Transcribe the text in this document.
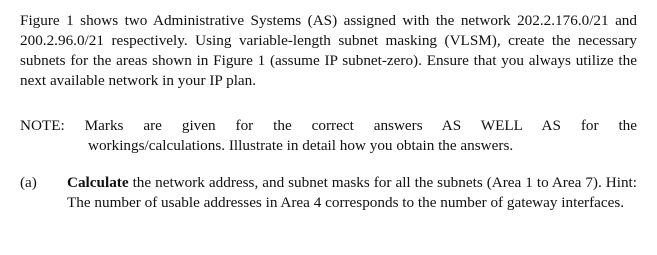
Figure 1 shows two Administrative Systems (AS) assigned with the network 202.2.176.0/21 and 200.2.96.0/21 respectively. Using variable-length subnet masking (VLSM), create the necessary subnets for the areas shown in Figure 1 (assume IP subnet-zero). Ensure that you always utilize the next available network in your IP plan.
NOTE: Marks are given for the correct answers AS WELL AS for the
workings/calculations. Illustrate in detail how you obtain the answers.
(a)	Calculate the network address, and subnet masks for all the subnets (Area 1 to Area 7). Hint: The number of usable addresses in Area 4 corresponds to the number of gateway interfaces.
